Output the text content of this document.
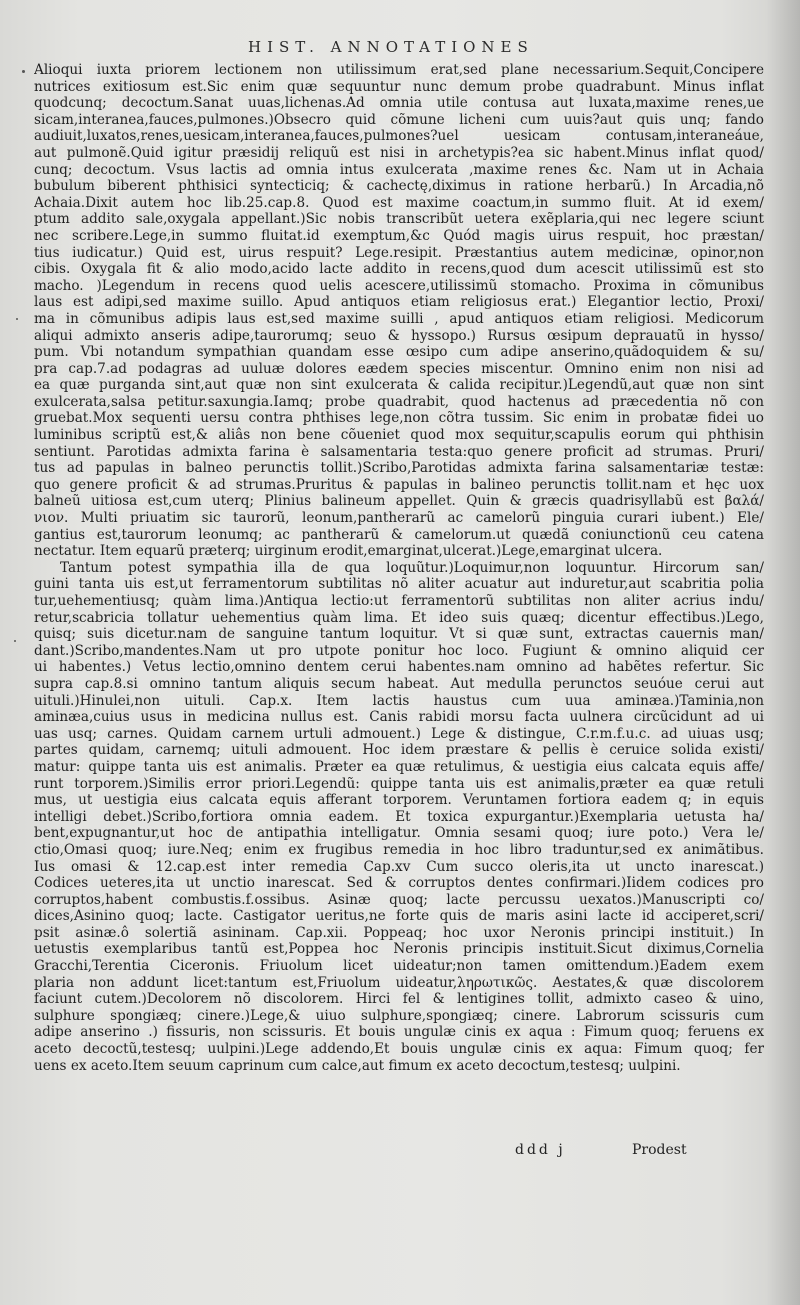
HIST. ANNOTATIONES
Alioqui iuxta priorem lectionem non utilissimum erat,sed plane necessarium.Sequit,Concipere
nutrices exitiosum est.Sic enim quæ sequuntur nunc demum probe quadrabunt. Minus inflat
quodcunq; decoctum.Sanat uuas,lichenas.Ad omnia utile contusa aut luxata,maxime renes,ue
sicam,interanea,fauces,pulmones.)Obsecro quid cõmune licheni cum uuis?aut quis unq; fando
audiuit,luxatos,renes,uesicam,interanea,fauces,pulmones?uel uesicam contusam,interaneáue,
aut pulmonẽ.Quid igitur præsidij reliquũ est nisi in archetypis?ea sic habent.Minus inflat quod/
cunq; decoctum. Vsus lactis ad omnia intus exulcerata ,maxime renes &c. Nam ut in Achaia
bubulum biberent phthisici syntecticiq; & cachectę,diximus in ratione herbarũ.) In Arcadia,nõ
Achaia.Dixit autem hoc lib.25.cap.8. Quod est maxime coactum,in summo fluit. At id exem/
ptum addito sale,oxygala appellant.)Sic nobis transcribũt uetera exẽplaria,qui nec legere sciunt
nec scribere.Lege,in summo fluitat.id exemptum,&c Quód magis uirus respuit, hoc præstan/
tius iudicatur.) Quid est, uirus respuit? Lege.resipit. Præstantius autem medicinæ, opinor,non
cibis. Oxygala fit & alio modo,acido lacte addito in recens,quod dum acescit utilissimũ est sto
macho. )Legendum in recens quod uelis acescere,utilissimũ stomacho. Proxima in cõmunibus
laus est adipi,sed maxime suillo. Apud antiquos etiam religiosus erat.) Elegantior lectio, Proxi/
ma in cõmunibus adipis laus est,sed maxime suilli , apud antiquos etiam religiosi. Medicorum
aliqui admixto anseris adipe,taurorumq; seuo & hyssopo.) Rursus œsipum deprauatũ in hysso/
pum. Vbi notandum sympathian quandam esse œsipo cum adipe anserino,quãdoquidem & su/
pra cap.7.ad podagras ad uuluæ dolores eædem species miscentur. Omnino enim non nisi ad
ea quæ purganda sint,aut quæ non sint exulcerata & calida recipitur.)Legendũ,aut quæ non sint
exulcerata,salsa petitur.saxungia.Iamq; probe quadrabit, quod hactenus ad præcedentia nõ con
gruebat.Mox sequenti uersu contra phthises lege,non cõtra tussim. Sic enim in probatæ fidei uo
luminibus scriptũ est,& aliâs non bene cõueniet quod mox sequitur,scapulis eorum qui phthisin
sentiunt. Parotidas admixta farina è salsamentaria testa:quo genere proficit ad strumas. Pruri/
tus ad papulas in balneo perunctis tollit.)Scribo,Parotidas admixta farina salsamentariæ testæ:
quo genere proficit & ad strumas.Pruritus & papulas in balineo perunctis tollit.nam et hęc uox
balneũ uitiosa est,cum uterq; Plinius balineum appellet. Quin & græcis quadrisyllabũ est βαλά/
νιον. Multi priuatim sic taurorũ, leonum,pantherarũ ac camelorũ pinguia curari iubent.) Ele/
gantius est,taurorum leonumq; ac pantherarũ & camelorum.ut quædã coniunctionũ ceu catena
nectatur. Item equarũ præterq; uirginum erodit,emarginat,ulcerat.)Lege,emarginat ulcera.
Tantum potest sympathia illa de qua loquũtur.)Loquimur,non loquuntur. Hircorum san/
guini tanta uis est,ut ferramentorum subtilitas nõ aliter acuatur aut induretur,aut scabritia polia
tur,uehementiusq; quàm lima.)Antiqua lectio:ut ferramentorũ subtilitas non aliter acrius indu/
retur,scabricia tollatur uehementius quàm lima. Et ideo suis quæq; dicentur effectibus.)Lego,
quisq; suis dicetur.nam de sanguine tantum loquitur. Vt si quæ sunt, extractas cauernis man/
dant.)Scribo,mandentes.Nam ut pro utpote ponitur hoc loco. Fugiunt & omnino aliquid cer
ui habentes.) Vetus lectio,omnino dentem cerui habentes.nam omnino ad habẽtes refertur. Sic
supra cap.8.si omnino tantum aliquis secum habeat. Aut medulla perunctos seuóue cerui aut
uituli.)Hinulei,non uituli. Cap.x. Item lactis haustus cum uua aminæa.)Taminia,non
aminæa,cuius usus in medicina nullus est. Canis rabidi morsu facta uulnera circũcidunt ad ui
uas usq; carnes. Quidam carnem urtuli admouent.) Lege & distingue, C.r.m.f.u.c. ad uiuas usq;
partes quidam, carnemq; uituli admouent. Hoc idem præstare & pellis è ceruice solida existi/
matur: quippe tanta uis est animalis. Præter ea quæ retulimus, & uestigia eius calcata equis affe/
runt torporem.)Similis error priori.Legendũ: quippe tanta uis est animalis,præter ea quæ retuli
mus, ut uestigia eius calcata equis afferant torporem. Veruntamen fortiora eadem q; in equis
intelligi debet.)Scribo,fortiora omnia eadem. Et toxica expurgantur.)Exemplaria uetusta ha/
bent,expugnantur,ut hoc de antipathia intelligatur. Omnia sesami quoq; iure poto.) Vera le/
ctio,Omasi quoq; iure.Neq; enim ex frugibus remedia in hoc libro traduntur,sed ex animãtibus.
Ius omasi & 12.cap.est inter remedia Cap.xv Cum succo oleris,ita ut uncto inarescat.)
Codices ueteres,ita ut unctio inarescat. Sed & corruptos dentes confirmari.)Iidem codices pro
corruptos,habent combustis.f.ossibus. Asinæ quoq; lacte percussu uexatos.)Manuscripti co/
dices,Asinino quoq; lacte. Castigator ueritus,ne forte quis de maris asini lacte id acciperet,scri/
psit asinæ.ô solertiã asininam. Cap.xii. Poppeaq; hoc uxor Neronis principi instituit.) In
uetustis exemplaribus tantũ est,Poppea hoc Neronis principis instituit.Sicut diximus,Cornelia
Gracchi,Terentia Ciceronis. Friuolum licet uideatur;non tamen omittendum.)Eadem exem
plaria non addunt licet:tantum est,Friuolum uideatur,ληρωτικῶς. Aestates,& quæ discolorem
faciunt cutem.)Decolorem nõ discolorem. Hirci fel & lentigines tollit, admixto caseo & uino,
sulphure spongiæq; cinere.)Lege,& uiuo sulphure,spongiæq; cinere. Labrorum scissuris cum
adipe anserino .) fissuris, non scissuris. Et bouis ungulæ cinis ex aqua : Fimum quoq; feruens ex
aceto decoctũ,testesq; uulpini.)Lege addendo,Et bouis ungulæ cinis ex aqua: Fimum quoq; fer
uens ex aceto.Item seuum caprinum cum calce,aut fimum ex aceto decoctum,testesq; uulpini.
ddd j	Prodest
